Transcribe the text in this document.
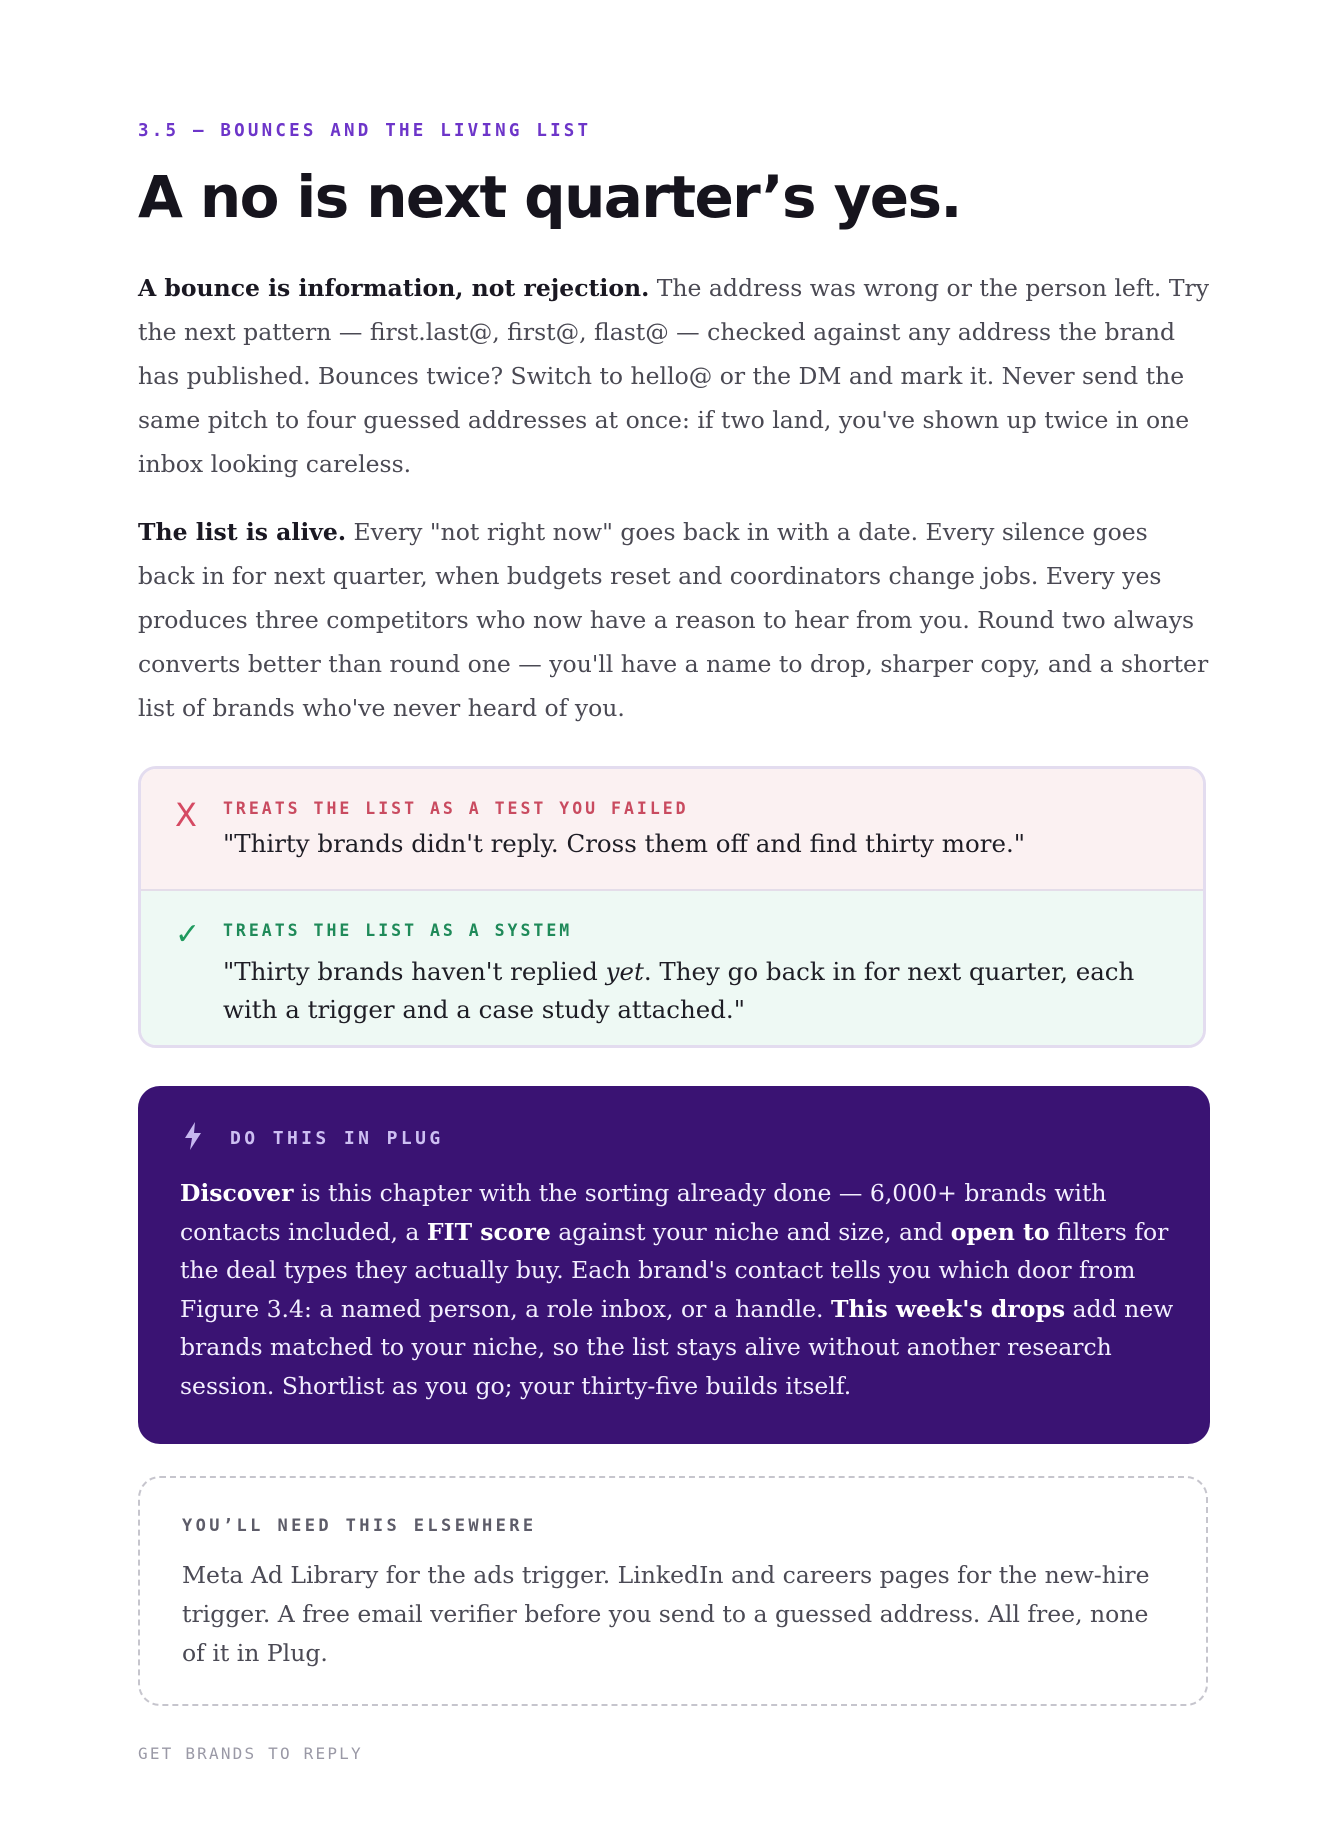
3.5 — BOUNCES AND THE LIVING LIST
A no is next quarter’s yes.

A bounce is information, not rejection. The address was wrong or the person left. Try the next pattern — first.last@, first@, flast@ — checked against any address the brand has published. Bounces twice? Switch to hello@ or the DM and mark it. Never send the same pitch to four guessed addresses at once: if two land, you've shown up twice in one inbox looking careless.

The list is alive. Every "not right now" goes back in with a date. Every silence goes back in for next quarter, when budgets reset and coordinators change jobs. Every yes produces three competitors who now have a reason to hear from you. Round two always converts better than round one — you'll have a name to drop, sharper copy, and a shorter list of brands who've never heard of you.

X TREATS THE LIST AS A TEST YOU FAILED

"Thirty brands didn't reply. Cross them off and find thirty more."

✓ TREATS THE LIST AS A SYSTEM

"Thirty brands haven't replied yet. They go back in for next quarter, each with a trigger and a case study attached."

DO THIS IN PLUG

Discover is this chapter with the sorting already done — 6,000+ brands with contacts included, a FIT score against your niche and size, and open to filters for the deal types they actually buy. Each brand's contact tells you which door from Figure 3.4: a named person, a role inbox, or a handle. This week's drops add new brands matched to your niche, so the list stays alive without another research session. Shortlist as you go; your thirty-five builds itself.

YOU’LL NEED THIS ELSEWHERE

Meta Ad Library for the ads trigger. LinkedIn and careers pages for the new-hire trigger. A free email verifier before you send to a guessed address. All free, none of it in Plug.

GET BRANDS TO REPLY
